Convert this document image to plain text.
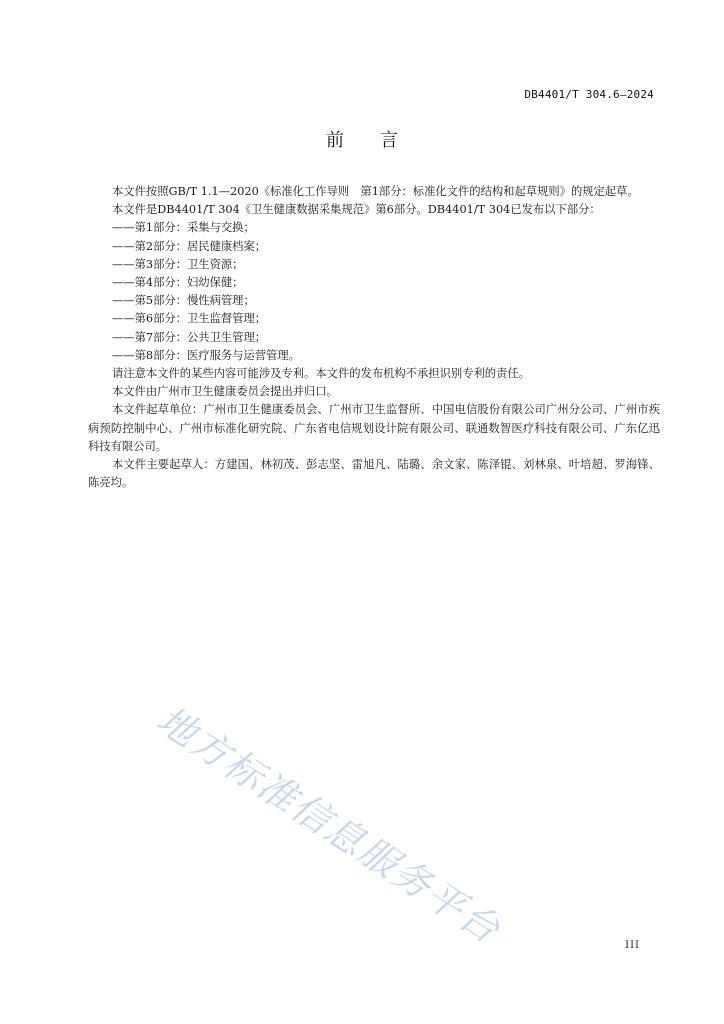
DB4401/T 304.6—2024
前言

本文件按照GB/T 1.1—2020《标准化工作导则　第1部分：标准化文件的结构和起草规则》的规定起草。

本文件是DB4401/T 304《卫生健康数据采集规范》第6部分。DB4401/T 304已发布以下部分：

——第1部分：采集与交换；

——第2部分：居民健康档案；

——第3部分：卫生资源；

——第4部分：妇幼保健；

——第5部分：慢性病管理；

——第6部分：卫生监督管理；

——第7部分：公共卫生管理；

——第8部分：医疗服务与运营管理。

请注意本文件的某些内容可能涉及专利。本文件的发布机构不承担识别专利的责任。

本文件由广州市卫生健康委员会提出并归口。

本文件起草单位：广州市卫生健康委员会、广州市卫生监督所、中国电信股份有限公司广州分公司、广州市疾病预防控制中心、广州市标准化研究院、广东省电信规划设计院有限公司、联通数智医疗科技有限公司、广东亿迅科技有限公司。

本文件主要起草人：方建国、林初茂、彭志坚、雷旭凡、陆璐、余文家、陈泽锟、刘林泉、叶培超、罗海锋、陈亮均。

地方标准信息服务平台	III
